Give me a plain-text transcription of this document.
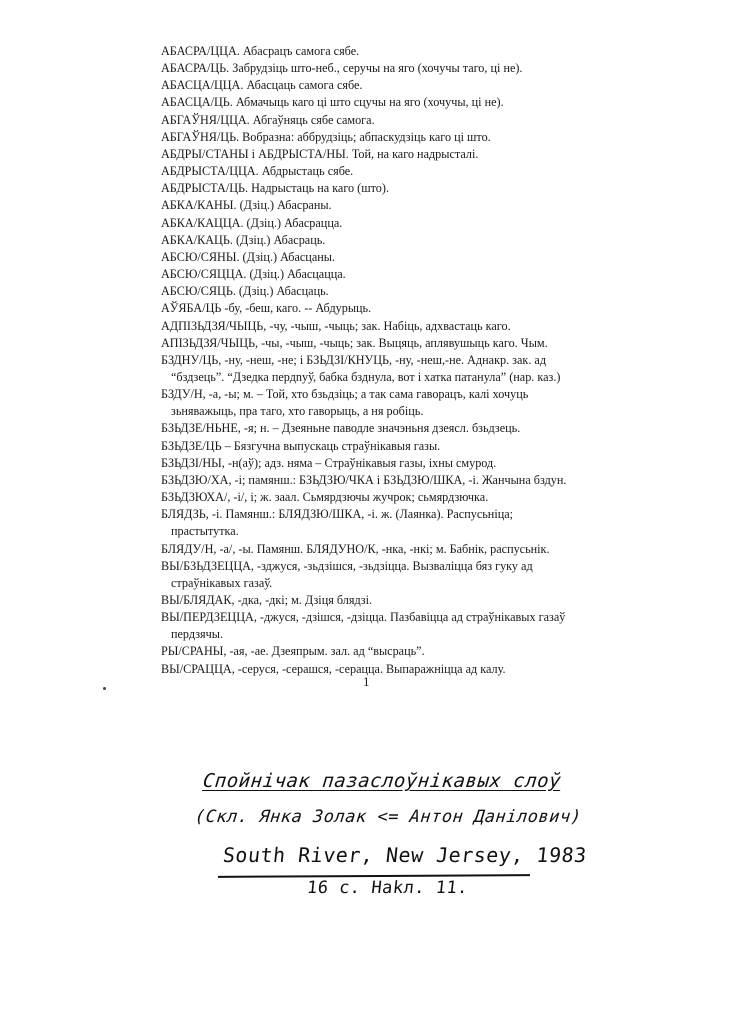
АБАСРА/ЦЦА. Абасрацъ самога сябе.
АБАСРА/ЦЬ. Забрудзіць што-неб., серучы на яго (хочучы таго, ці не).
АБАСЦА/ЦЦА. Абасцаць самога сябе.
АБАСЦА/ЦЬ. Абмачыць каго ці што сцучы на яго (хочучы, ці не).
АБГАЎНЯ/ЦЦА. Абгаўняць сябе самога.
АБГАЎНЯ/ЦЬ. Вобразна: аббрудзіць; абпаскудзіць каго ці што.
АБДРЫ/СТАНЫ і АБДРЫСТА/НЫ. Той, на каго надрысталі.
АБДРЫСТА/ЦЦА. Абдрыстаць сябе.
АБДРЫСТА/ЦЬ. Надрыстаць на каго (што).
АБКА/КАНЫ. (Дзіц.) Абасраны.
АБКА/КАЦЦА. (Дзіц.) Абасрацца.
АБКА/КАЦЬ. (Дзіц.) Абасраць.
АБСЮ/СЯНЫ. (Дзіц.) Абасцаны.
АБСЮ/СЯЦЦА. (Дзіц.) Абасцацца.
АБСЮ/СЯЦЬ. (Дзіц.) Абасцаць.
АЎЯБА/ЦЬ -бу, -беш, каго. -- Абдурыць.
АДПІЗЬДЗЯ/ЧЫЦЬ, -чу, -чыш, -чыць; зак. Набіць, адхвастаць каго.
АПІЗЬДЗЯ/ЧЫЦЬ, -чы, -чыш, -чыць; зак. Выцяць, аплявушыць каго. Чым.
БЗДНУ/ЦЬ, -ну, -неш, -не; і БЗЬДЗІ/КНУЦЬ, -ну, -неш,-не. Аднакр. зак. ад “бздзець”. “Дзедка пердnуў, бабка бзднула, вот і хатка патанула” (нар. каз.)
БЗДУ/Н, -а, -ы; м. – Той, хто бзьдзіць; а так сама гаворацъ, калі хочуць зьняважыць, пра таго, хто гаворыць, а ня робіць.
БЗЬДЗЕ/НЬНЕ, -я; н. – Дзеяньне паводле значэньня дзеясл. бзьдзець.
БЗЬДЗЕ/ЦЬ – Бязгучна выпускаць страўнікавыя газы.
БЗЬДЗІ/НЫ, -н(аў); адз. няма – Страўнікавыя газы, іхны смурод.
БЗЬДЗЮ/ХА, -і; памянш.: БЗЬДЗЮ/ЧКА і БЗЬДЗЮ/ШКА, -і. Жанчына бздун.
БЗЬДЗЮХА/, -і/, і; ж. заал. Сьмярдзючы жучрок; сьмярдзючка.
БЛЯДЗЬ, -і. Памянш.: БЛЯДЗЮ/ШКА, -і. ж. (Лаянка). Распусьніца; прастытутка.
БЛЯДУ/Н, -а/, -ы. Памянш. БЛЯДУНО/К, -нка, -нкі; м. Бабнік, распусьнік.
ВЫ/БЗЬДЗЕЦЦА, -зджуся, -зьдзішся, -зьдзіцца. Вызваліцца бяз гуку ад страўнікавых газаў.
ВЫ/БЛЯДАК, -дка, -дкі; м. Дзіця блядзі.
ВЫ/ПЕРДЗЕЦЦА, -джуся, -дзішся, -дзіцца. Пазбавіцца ад страўнікавых газаў пердзячы.
РЫ/СРАНЫ, -ая, -ае. Дзеяпрым. зал. ад “высраць”.
ВЫ/СРАЦЦА, -серуся, -серашся, -серацца. Выпаражніцца ад калу.
1
Спойнічак пазаслоўнікавых слоў
(Скл. Янка Золак <= Антон Данілович)
South River, New Jersey, 1983
16 с. Наkл. 11.
